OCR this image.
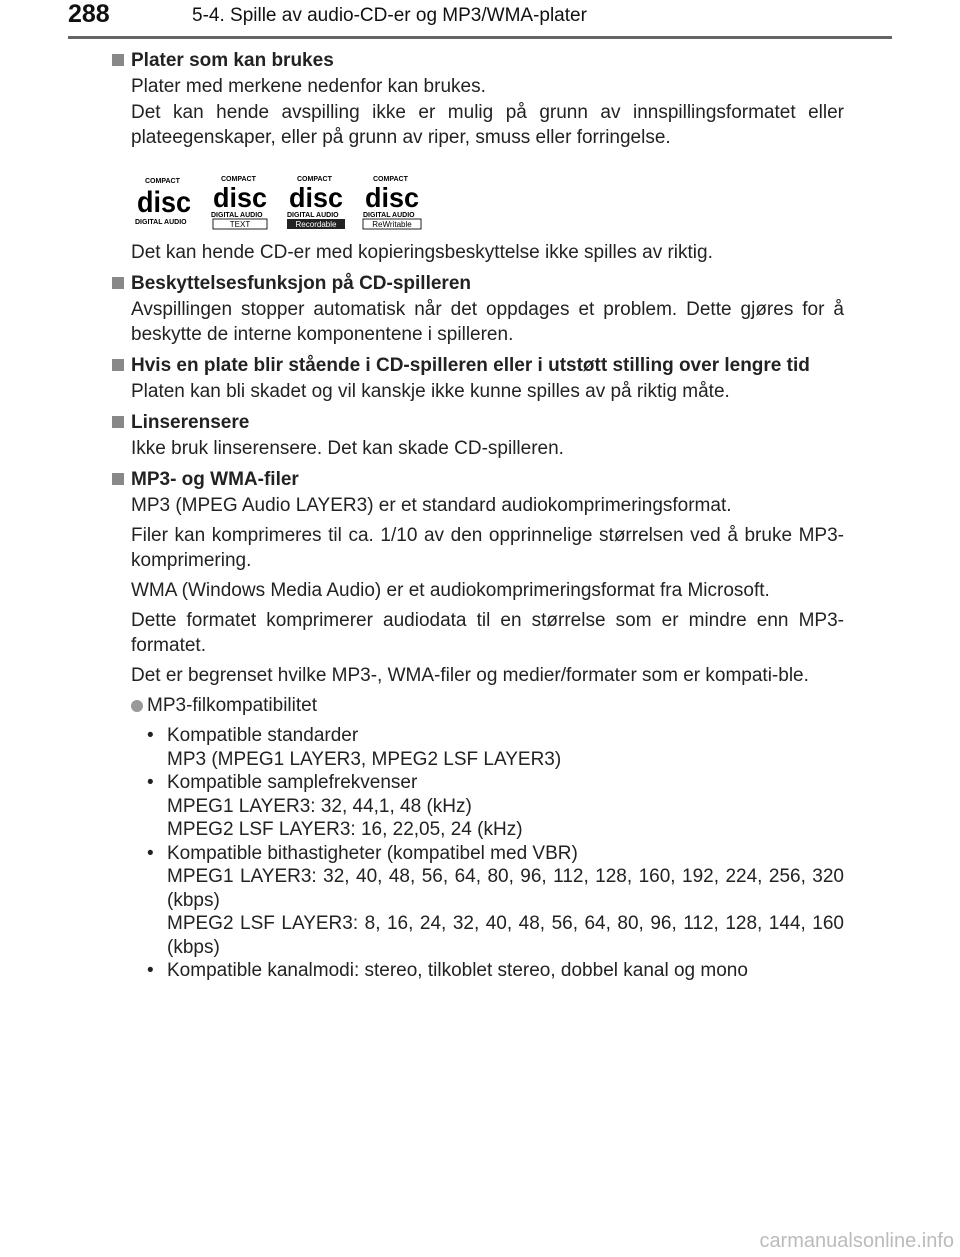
288	5-4. Spille av audio-CD-er og MP3/WMA-plater
Plater som kan brukes
Plater med merkene nedenfor kan brukes.
Det kan hende avspilling ikke er mulig på grunn av innspillingsformatet eller plateegenskaper, eller på grunn av riper, smuss eller forringelse.
COMPACT
disc
DIGITAL AUDIO
COMPACT
disc
DIGITAL AUDIO
TEXT
COMPACT
disc
DIGITAL AUDIO
Recordable
COMPACT
disc
DIGITAL AUDIO
ReWritable
Det kan hende CD-er med kopieringsbeskyttelse ikke spilles av riktig.
Beskyttelsesfunksjon på CD-spilleren
Avspillingen stopper automatisk når det oppdages et problem. Dette gjøres for å beskytte de interne komponentene i spilleren.
Hvis en plate blir stående i CD-spilleren eller i utstøtt stilling over lengre tid
Platen kan bli skadet og vil kanskje ikke kunne spilles av på riktig måte.
Linserensere
Ikke bruk linserensere. Det kan skade CD-spilleren.
MP3- og WMA-filer
MP3 (MPEG Audio LAYER3) er et standard audiokomprimeringsformat.
Filer kan komprimeres til ca. 1/10 av den opprinnelige størrelsen ved å bruke MP3-komprimering.
WMA (Windows Media Audio) er et audiokomprimeringsformat fra Microsoft.
Dette formatet komprimerer audiodata til en størrelse som er mindre enn MP3-formatet.
Det er begrenset hvilke MP3-, WMA-filer og medier/formater som er kompati-ble.
MP3-filkompatibilitet
• Kompatible standarder
MP3 (MPEG1 LAYER3, MPEG2 LSF LAYER3)
• Kompatible samplefrekvenser
MPEG1 LAYER3: 32, 44,1, 48 (kHz)
MPEG2 LSF LAYER3: 16, 22,05, 24 (kHz)
• Kompatible bithastigheter (kompatibel med VBR)
MPEG1 LAYER3: 32, 40, 48, 56, 64, 80, 96, 112, 128, 160, 192, 224, 256, 320 (kbps)
MPEG2 LSF LAYER3: 8, 16, 24, 32, 40, 48, 56, 64, 80, 96, 112, 128, 144, 160 (kbps)
• Kompatible kanalmodi: stereo, tilkoblet stereo, dobbel kanal og mono
carmanualsonline.info
